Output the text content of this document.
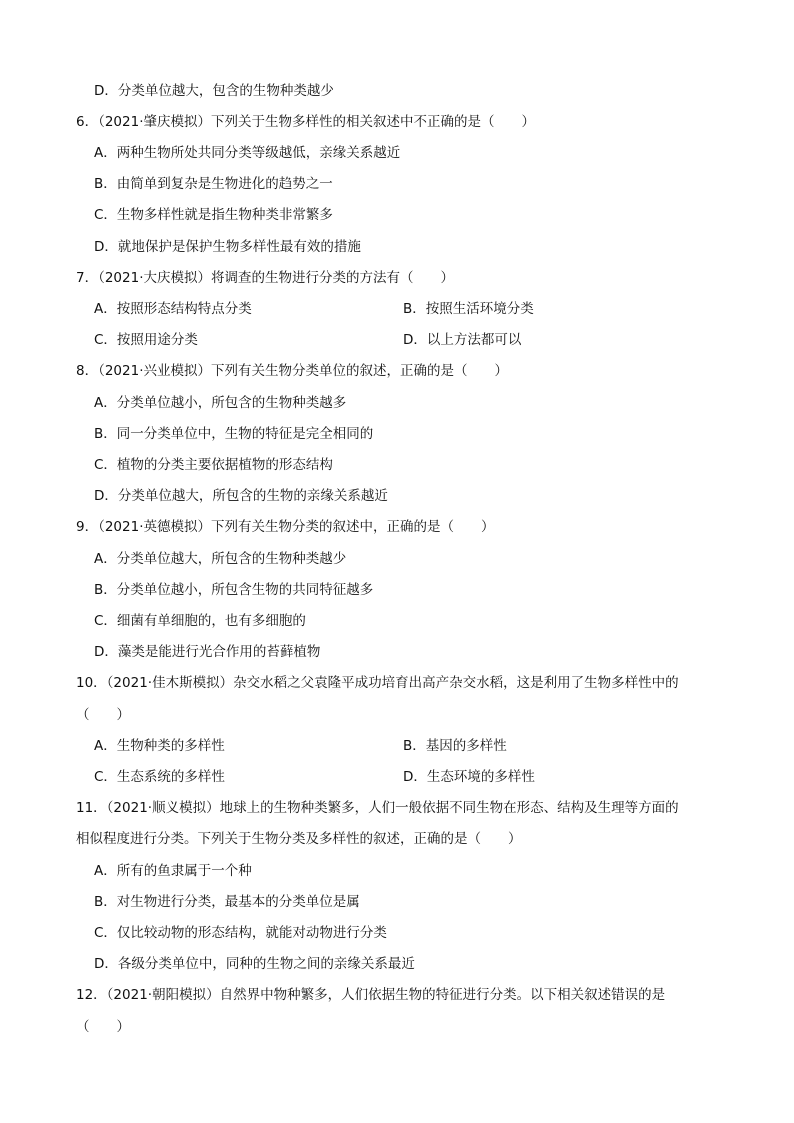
D．分类单位越大，包含的生物种类越少
6．（2021·肇庆模拟）下列关于生物多样性的相关叙述中不正确的是（　　）
A．两种生物所处共同分类等级越低，亲缘关系越近
B．由简单到复杂是生物进化的趋势之一
C．生物多样性就是指生物种类非常繁多
D．就地保护是保护生物多样性最有效的措施
7．（2021·大庆模拟）将调查的生物进行分类的方法有（　　）
A．按照形态结构特点分类	B．按照生活环境分类
C．按照用途分类	D．以上方法都可以
8．（2021·兴业模拟）下列有关生物分类单位的叙述，正确的是（　　）
A．分类单位越小，所包含的生物种类越多
B．同一分类单位中，生物的特征是完全相同的
C．植物的分类主要依据植物的形态结构
D．分类单位越大，所包含的生物的亲缘关系越近
9．（2021·英德模拟）下列有关生物分类的叙述中，正确的是（　　）
A．分类单位越大，所包含的生物种类越少
B．分类单位越小，所包含生物的共同特征越多
C．细菌有单细胞的，也有多细胞的
D．藻类是能进行光合作用的苔藓植物
10．（2021·佳木斯模拟）杂交水稻之父袁隆平成功培育出高产杂交水稻，这是利用了生物多样性中的
（　　）
A．生物种类的多样性	B．基因的多样性
C．生态系统的多样性	D．生态环境的多样性
11．（2021·顺义模拟）地球上的生物种类繁多，人们一般依据不同生物在形态、结构及生理等方面的
相似程度进行分类。下列关于生物分类及多样性的叙述，正确的是（　　）
A．所有的鱼隶属于一个种
B．对生物进行分类，最基本的分类单位是属
C．仅比较动物的形态结构，就能对动物进行分类
D．各级分类单位中，同种的生物之间的亲缘关系最近
12．（2021·朝阳模拟）自然界中物种繁多，人们依据生物的特征进行分类。以下相关叙述错误的是
（　　）
